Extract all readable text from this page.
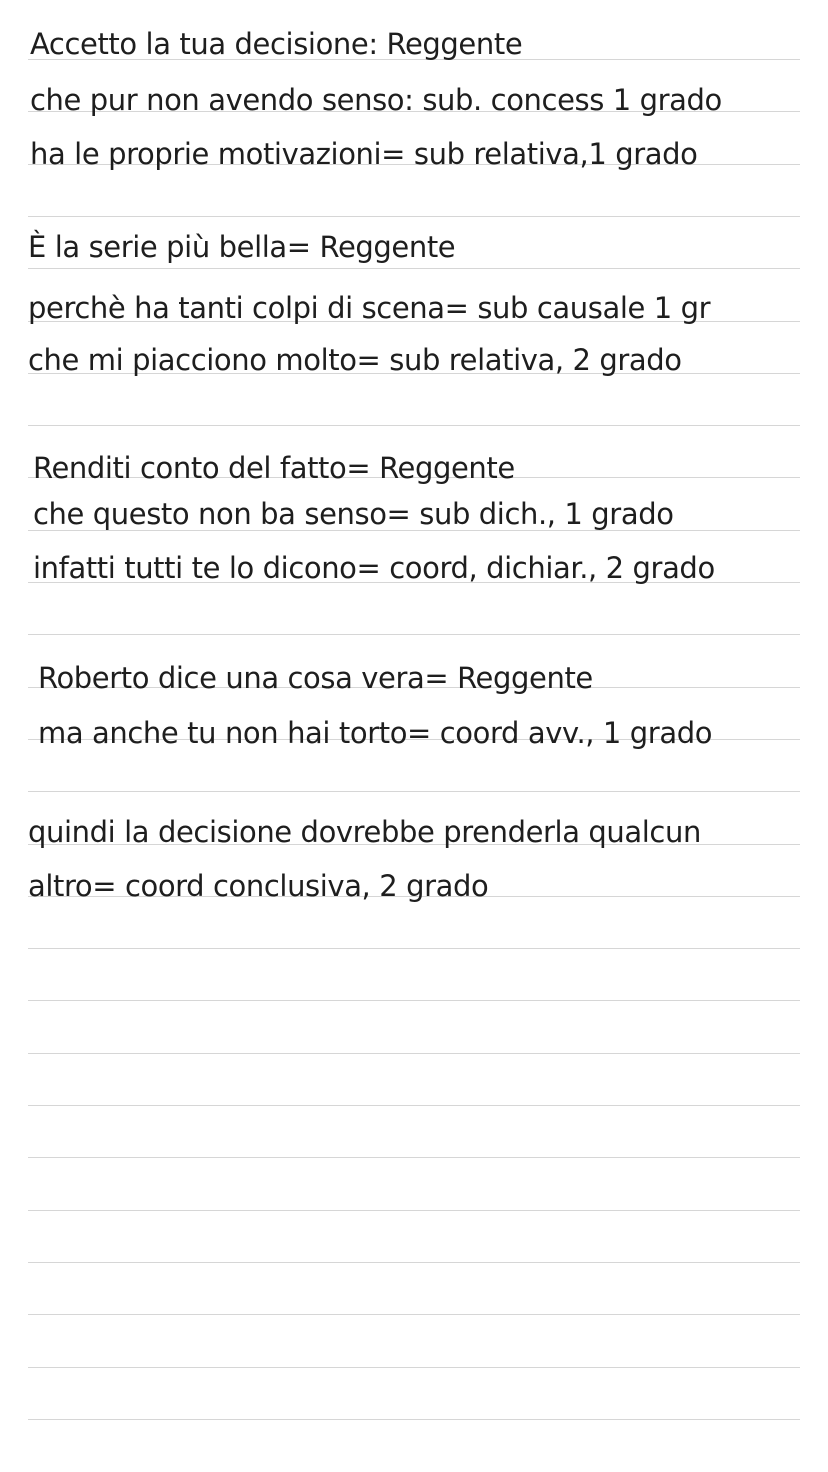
Accetto la tua decisione: Reggente
che pur non avendo senso: sub. concess 1 grado
ha le proprie motivazioni= sub relativa,1 grado
È la serie più bella= Reggente
perchè ha tanti colpi di scena= sub causale 1 gr
che mi piacciono molto= sub relativa, 2 grado
Renditi conto del fatto= Reggente
che questo non ba senso= sub dich., 1 grado
infatti tutti te lo dicono= coord, dichiar., 2 grado
Roberto dice una cosa vera= Reggente
ma anche tu non hai torto= coord avv., 1 grado
quindi la decisione dovrebbe prenderla qualcun
altro= coord conclusiva, 2 grado
